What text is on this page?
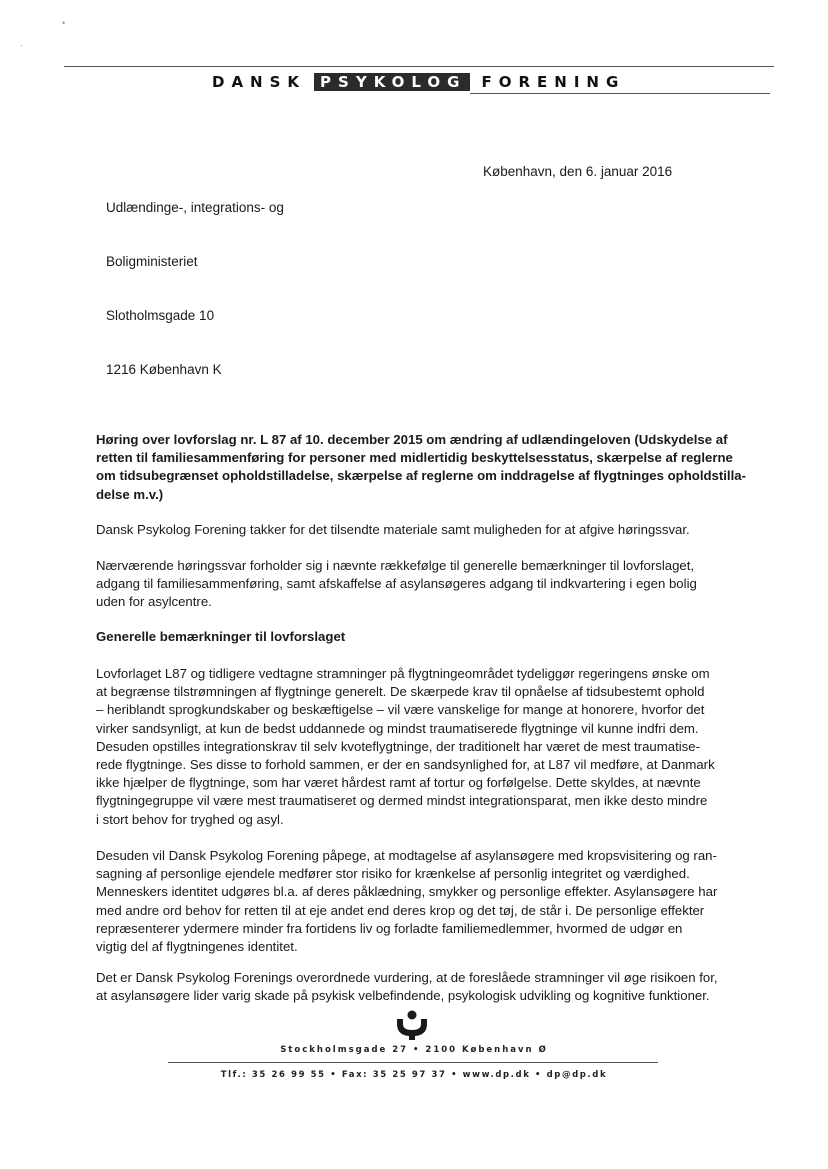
DANSK PSYKOLOG FORENING
•
·

Udlændinge-, integrations- og

Boligministeriet

Slotholmsgade 10

1216 København K

København, den 6. januar 2016
Høring over lovforslag nr. L 87 af 10. december 2015 om ændring af udlændingeloven (Udskydelse af
retten til familiesammenføring for personer med midlertidig beskyttelsesstatus, skærpelse af reglerne
om tidsubegrænset opholdstilladelse, skærpelse af reglerne om inddragelse af flygtninges opholdstilla-
delse m.v.)
Dansk Psykolog Forening takker for det tilsendte materiale samt muligheden for at afgive høringssvar.
Nærværende høringssvar forholder sig i nævnte rækkefølge til generelle bemærkninger til lovforslaget,
adgang til familiesammenføring, samt afskaffelse af asylansøgeres adgang til indkvartering i egen bolig
uden for asylcentre.
Generelle bemærkninger til lovforslaget
Lovforlaget L87 og tidligere vedtagne stramninger på flygtningeområdet tydeliggør regeringens ønske om
at begrænse tilstrømningen af flygtninge generelt. De skærpede krav til opnåelse af tidsubestemt ophold
– heriblandt sprogkundskaber og beskæftigelse – vil være vanskelige for mange at honorere, hvorfor det
virker sandsynligt, at kun de bedst uddannede og mindst traumatiserede flygtninge vil kunne indfri dem.
Desuden opstilles integrationskrav til selv kvoteflygtninge, der traditionelt har været de mest traumatise-
rede flygtninge. Ses disse to forhold sammen, er der en sandsynlighed for, at L87 vil medføre, at Danmark
ikke hjælper de flygtninge, som har været hårdest ramt af tortur og forfølgelse. Dette skyldes, at nævnte
flygtningegruppe vil være mest traumatiseret og dermed mindst integrationsparat, men ikke desto mindre
i stort behov for tryghed og asyl.
Desuden vil Dansk Psykolog Forening påpege, at modtagelse af asylansøgere med kropsvisitering og ran-
sagning af personlige ejendele medfører stor risiko for krænkelse af personlig integritet og værdighed.
Menneskers identitet udgøres bl.a. af deres påklædning, smykker og personlige effekter. Asylansøgere har
med andre ord behov for retten til at eje andet end deres krop og det tøj, de står i. De personlige effekter
repræsenterer ydermere minder fra fortidens liv og forladte familiemedlemmer, hvormed de udgør en
vigtig del af flygtningenes identitet.
Det er Dansk Psykolog Forenings overordnede vurdering, at de foreslåede stramninger vil øge risikoen for,
at asylansøgere lider varig skade på psykisk velbefindende, psykologisk udvikling og kognitive funktioner.
Stockholmsgade 27 • 2100 København Ø
Tlf.: 35 26 99 55 • Fax: 35 25 97 37 • www.dp.dk • dp@dp.dk
